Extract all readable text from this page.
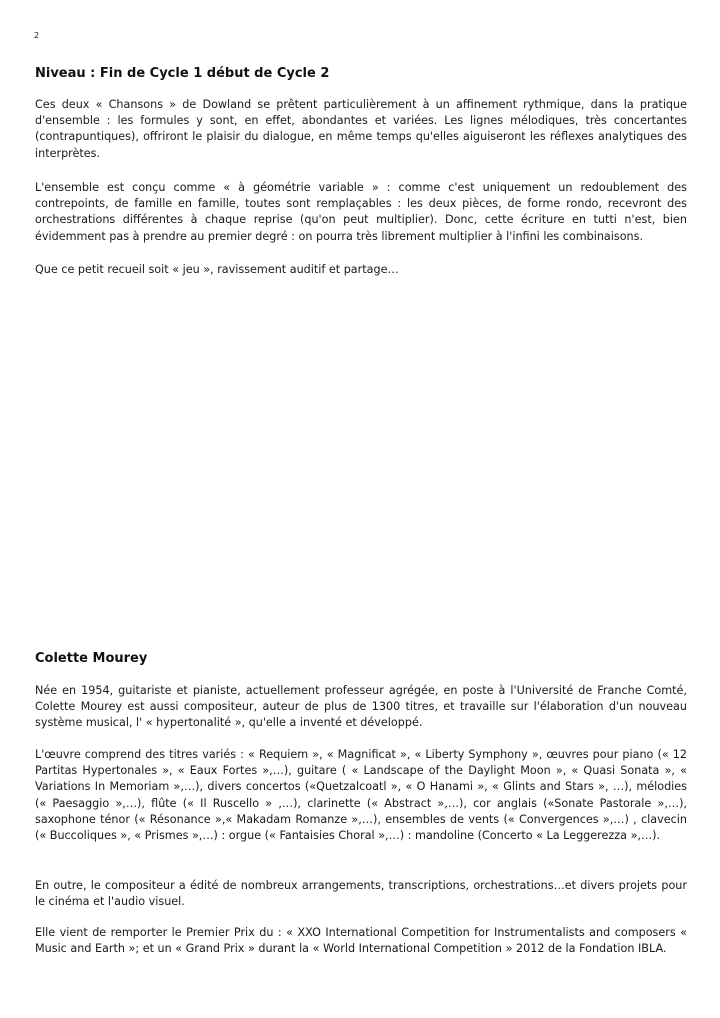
2
Niveau : Fin de Cycle 1 début de Cycle 2

Ces deux « Chansons » de Dowland se prêtent particulièrement à un affinement rythmique, dans la pratique d'ensemble : les formules y sont, en effet, abondantes et variées. Les lignes mélodiques, très concertantes (contrapuntiques), offriront le plaisir du dialogue, en même temps qu'elles aiguiseront les réflexes analytiques des interprètes.

L'ensemble est conçu comme « à géométrie variable » : comme c'est uniquement un redoublement des contrepoints, de famille en famille, toutes sont remplaçables : les deux pièces, de forme rondo, recevront des orchestrations différentes à chaque reprise (qu'on peut multiplier). Donc, cette écriture en tutti n'est, bien évidemment pas à prendre au premier degré : on pourra très librement multiplier à l'infini les combinaisons.

Que ce petit recueil soit « jeu », ravissement auditif et partage…

Colette Mourey

Née en 1954, guitariste et pianiste, actuellement professeur agrégée, en poste à l'Université de Franche Comté, Colette Mourey est aussi compositeur, auteur de plus de 1300 titres, et travaille sur l'élaboration d'un nouveau système musical, l' « hypertonalité », qu'elle a inventé et développé.

L'œuvre comprend des titres variés : « Requiem », « Magnificat », « Liberty Symphony », œuvres pour piano (« 12 Partitas Hypertonales », « Eaux Fortes »,…), guitare ( « Landscape of the Daylight Moon », « Quasi Sonata », « Variations In Memoriam »,…), divers concertos («Quetzalcoatl », « O Hanami », « Glints and Stars », …), mélodies (« Paesaggio »,…), flûte (« Il Ruscello » ,…), clarinette (« Abstract »,…), cor anglais («Sonate Pastorale »,…), saxophone ténor (« Résonance »,« Makadam Romanze »,…), ensembles de vents (« Convergences »,…) , clavecin (« Buccoliques », « Prismes »,…) : orgue (« Fantaisies Choral »,…) : mandoline (Concerto « La Leggerezza »,…).

En outre, le compositeur a édité de nombreux arrangements, transcriptions, orchestrations…et divers projets pour le cinéma et l'audio visuel.

Elle vient de remporter le Premier Prix du : « XXO International Competition for Instrumentalists and composers « Music and Earth »; et un « Grand Prix » durant la « World International Competition » 2012 de la Fondation IBLA.
